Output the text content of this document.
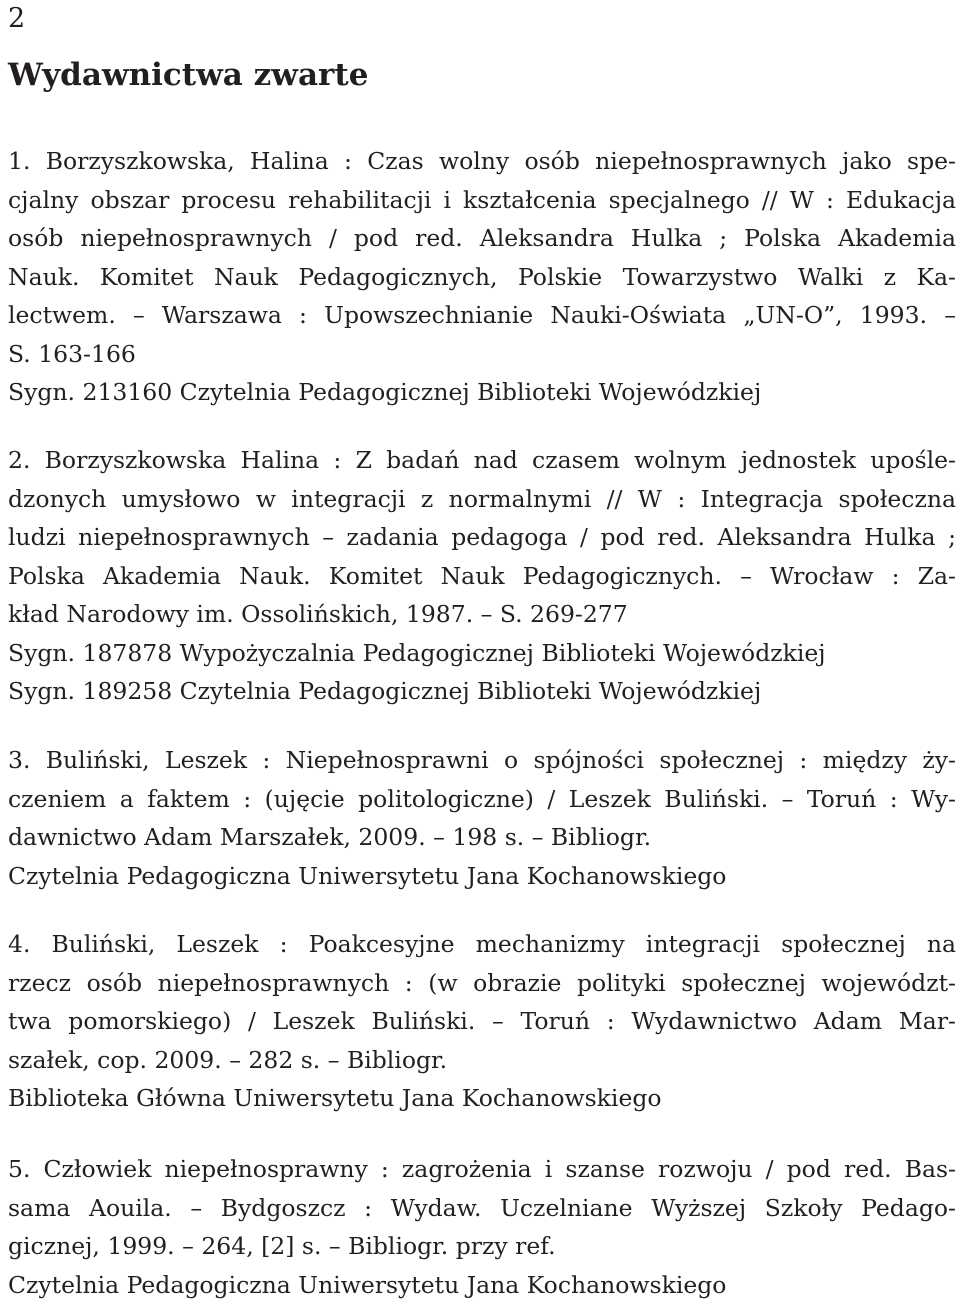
2
Wydawnictwa zwarte
1. Borzyszkowska, Halina : Czas wolny osób niepełnosprawnych jako spe-
cjalny obszar procesu rehabilitacji i kształcenia specjalnego // W : Edukacja
osób niepełnosprawnych / pod red. Aleksandra Hulka ; Polska Akademia
Nauk. Komitet Nauk Pedagogicznych, Polskie Towarzystwo Walki z Ka-
lectwem. – Warszawa : Upowszechnianie Nauki-Oświata „UN-O”, 1993. –
S. 163-166
Sygn. 213160 Czytelnia Pedagogicznej Biblioteki Wojewódzkiej
2. Borzyszkowska Halina : Z badań nad czasem wolnym jednostek upośle-
dzonych umysłowo w integracji z normalnymi // W : Integracja społeczna
ludzi niepełnosprawnych – zadania pedagoga / pod red. Aleksandra Hulka ;
Polska Akademia Nauk. Komitet Nauk Pedagogicznych. – Wrocław : Za-
kład Narodowy im. Ossolińskich, 1987. – S. 269-277
Sygn. 187878 Wypożyczalnia Pedagogicznej Biblioteki Wojewódzkiej
Sygn. 189258 Czytelnia Pedagogicznej Biblioteki Wojewódzkiej
3. Buliński, Leszek : Niepełnosprawni o spójności społecznej : między ży-
czeniem a faktem : (ujęcie politologiczne) / Leszek Buliński. – Toruń : Wy-
dawnictwo Adam Marszałek, 2009. – 198 s. – Bibliogr.
Czytelnia Pedagogiczna Uniwersytetu Jana Kochanowskiego
4. Buliński, Leszek : Poakcesyjne mechanizmy integracji społecznej na
rzecz osób niepełnosprawnych : (w obrazie polityki społecznej województ-
twa pomorskiego) / Leszek Buliński. – Toruń : Wydawnictwo Adam Mar-
szałek, cop. 2009. – 282 s. – Bibliogr.
Biblioteka Główna Uniwersytetu Jana Kochanowskiego
5. Człowiek niepełnosprawny : zagrożenia i szanse rozwoju / pod red. Bas-
sama Aouila. – Bydgoszcz : Wydaw. Uczelniane Wyższej Szkoły Pedago-
gicznej, 1999. – 264, [2] s. – Bibliogr. przy ref.
Czytelnia Pedagogiczna Uniwersytetu Jana Kochanowskiego
